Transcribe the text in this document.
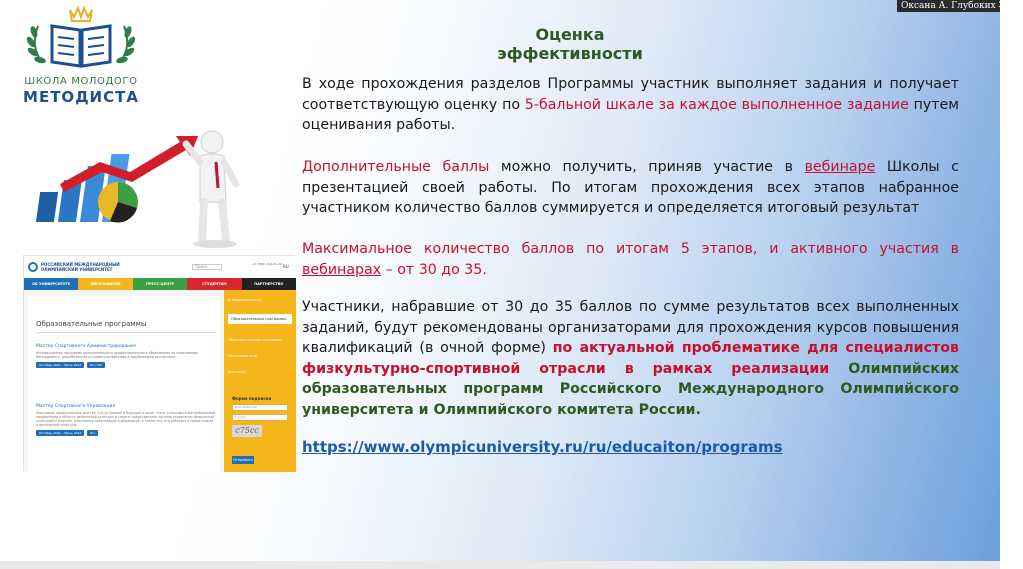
Оксана А. Глубоких ЭЕ16
ШКОЛА МОЛОДОГО
МЕТОДИСТА
РОССИЙСКИЙ МЕЖДУНАРОДНЫЙ ОЛИМПИЙСКИЙ УНИВЕРСИТЕТ
Поиск	+7 (862) 242-04-20 RU
ОБ УНИВЕРСИТЕТЕ	ОБРАЗОВАНИЕ	ПРЕСС-ЦЕНТР	СТУДЕНТАМ	ПАРТНЕРСТВО
Образовательные программы
Мастер Спортивного Администрирования
Инновационная программа дополнительного профессионального образования по спортивному менеджменту, разработанная лучшими российскими и зарубежными экспертами.
Октябрь 2021 – Июль 2022	RU / EN
Мастер Спортивного Управления
Программа предназначена для тех, кто устремлен в будущее и хочет стать успешным в востребованном направлении в области физической культуры и спорта: представители органов управления физической культурой и спортом, спортивных организаций и федераций, а также тех, кто работает в сфере спорта и физической культуры.
Октябрь 2021 – Июнь 2022	RU
О подразделении
Образовательные программы
Образовательные программы
Преподаватели
Контакты
Форма подписки
Имя Фамилия
E-mail
c75cc
Отправить
Оценка эффективности
В ходе прохождения разделов Программы участник выполняет задания и получает соответствующую оценку по 5-бальной шкале за каждое выполненное задание путем оценивания работы.
Дополнительные баллы можно получить, приняв участие в вебинаре Школы с презентацией своей работы. По итогам прохождения всех этапов набранное участником количество баллов суммируется и определяется итоговый результат
Максимальное количество баллов по итогам 5 этапов, и активного участия в вебинарах – от 30 до 35.
Участники, набравшие от 30 до 35 баллов по сумме результатов всех выполненных заданий, будут рекомендованы организаторами для прохождения курсов повышения квалификаций (в очной форме) по актуальной проблематике для специалистов физкультурно-спортивной отрасли в рамках реализации Олимпийских образовательных программ Российского Международного Олимпийского университета и Олимпийского комитета России.
https://www.olympicuniversity.ru/ru/educaiton/programs
